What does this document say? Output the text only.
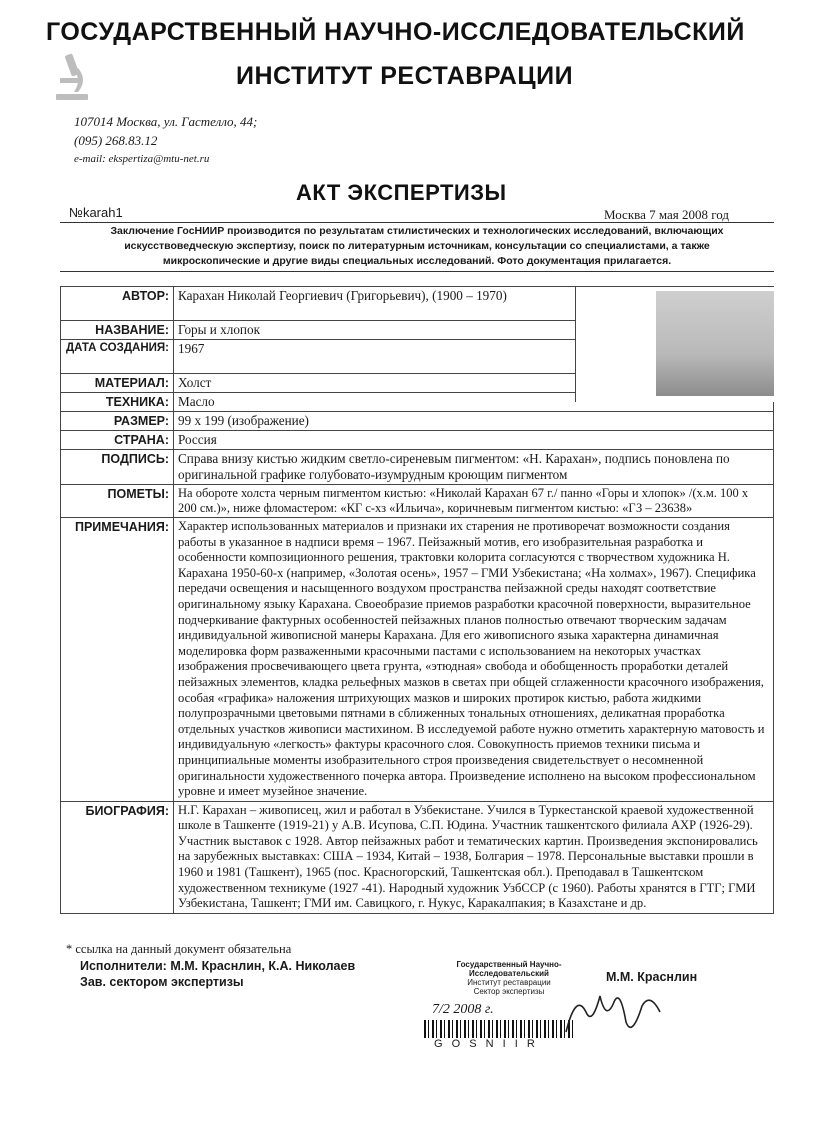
ГОСУДАРСТВЕННЫЙ НАУЧНО-ИССЛЕДОВАТЕЛЬСКИЙ
ИНСТИТУТ РЕСТАВРАЦИИ
107014 Москва, ул. Гастелло, 44;
(095) 268.83.12
e-mail: ekspertiza@mtu-net.ru
АКТ ЭКСПЕРТИЗЫ
№karah1	Москва 7 мая 2008 год
Заключение ГосНИИР производится по результатам стилистических и технологических исследований, включающих
искусствоведческую экспертизу, поиск по литературным источникам, консультации со специалистами, а также
микроскопические и другие виды специальных исследований. Фото документация прилагается.
АВТОР:	Карахан Николай Георгиевич (Григорьевич), (1900 – 1970)
НАЗВАНИЕ:	Горы и хлопок
ДАТА СОЗДАНИЯ:	1967
МАТЕРИАЛ:	Холст
ТЕХНИКА:	Масло
РАЗМЕР:	99 x 199 (изображение)
СТРАНА:	Россия
ПОДПИСЬ:	Справа внизу кистью жидким светло-сиреневым пигментом: «Н. Карахан», подпись поновлена по оригинальной графике голубовато-изумрудным кроющим пигментом
ПОМЕТЫ:	На обороте холста черным пигментом кистью: «Николай Карахан 67 г./ панно «Горы и хлопок» /(х.м. 100 х 200 см.)», ниже фломастером: «КГ с-хз «Ильича», коричневым пигментом кистью: «ГЗ – 23638»
ПРИМЕЧАНИЯ:	Характер использованных материалов и признаки их старения не противоречат возможности создания работы в указанное в надписи время – 1967. Пейзажный мотив, его изобразительная разработка и особенности композиционного решения, трактовки колорита согласуются с творчеством художника Н. Карахана 1950-60-х (например, «Золотая осень», 1957 – ГМИ Узбекистана; «На холмах», 1967). Специфика передачи освещения и насыщенного воздухом пространства пейзажной среды находят соответствие оригинальному языку Карахана. Своеобразие приемов разработки красочной поверхности, выразительное подчеркивание фактурных особенностей пейзажных планов полностью отвечают творческим задачам индивидуальной живописной манеры Карахана. Для его живописного языка характерна динамичная моделировка форм разваженными красочными пастами с использованием на некоторых участках изображения просвечивающего цвета грунта, «этюдная» свобода и обобщенность проработки деталей пейзажных элементов, кладка рельефных мазков в светах при общей сглаженности красочного изображения, особая «графика» наложения штрихующих мазков и широких протирок кистью, работа жидкими полупрозрачными цветовыми пятнами в сближенных тональных отношениях, деликатная проработка отдельных участков живописи мастихином. В исследуемой работе нужно отметить характерную матовость и индивидуальную «легкость» фактуры красочного слоя. Совокупность приемов техники письма и принципиальные моменты изобразительного строя произведения свидетельствует о несомненной оригинальности художественного почерка автора. Произведение исполнено на высоком профессиональном уровне и имеет музейное значение.
БИОГРАФИЯ:	Н.Г. Карахан – живописец, жил и работал в Узбекистане. Учился в Туркестанской краевой художественной школе в Ташкенте (1919-21) у А.В. Исупова, С.П. Юдина. Участник ташкентского филиала АХР (1926-29). Участник выставок с 1928. Автор пейзажных работ и тематических картин. Произведения экспонировались на зарубежных выставках: США – 1934, Китай – 1938, Болгария – 1978. Персональные выставки прошли в 1960 и 1981 (Ташкент), 1965 (пос. Красногорский, Ташкентская обл.). Преподавал в Ташкентском художественном техникуме (1927 -41). Народный художник УзбССР (с 1960). Работы хранятся в ГТГ; ГМИ Узбекистана, Ташкент; ГМИ им. Савицкого, г. Нукус, Каракалпакия; в Казахстане и др.
* ссылка на данный документ обязательна
Исполнители: М.М. Краснлин, К.А. Николаев
Зав. сектором экспертизы
Государственный Научно-Исследовательский
Институт реставрации
Сектор экспертизы
7/2 2008 г.
G O S N I I R
М.М. Краснлин
